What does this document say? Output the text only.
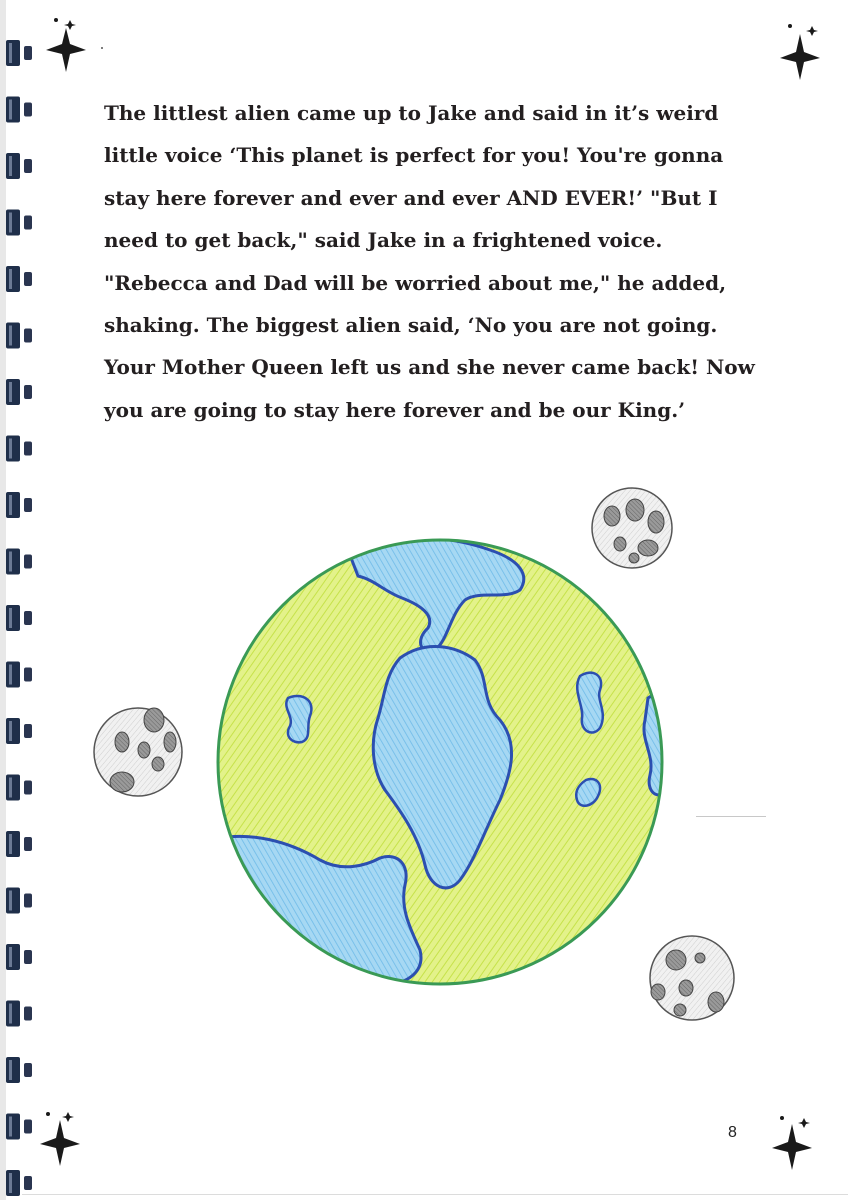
The littlest alien came up to Jake and said in it’s weird
little voice ‘This planet is perfect for you! You're gonna
stay here forever and ever and ever AND EVER!’ "But I
need to get back," said Jake in a frightened voice.
"Rebecca and Dad will be worried about me," he added,
shaking. The biggest alien said, ‘No you are not going.
Your Mother Queen left us and she never came back! Now
you are going to stay here forever and be our King.’
8
